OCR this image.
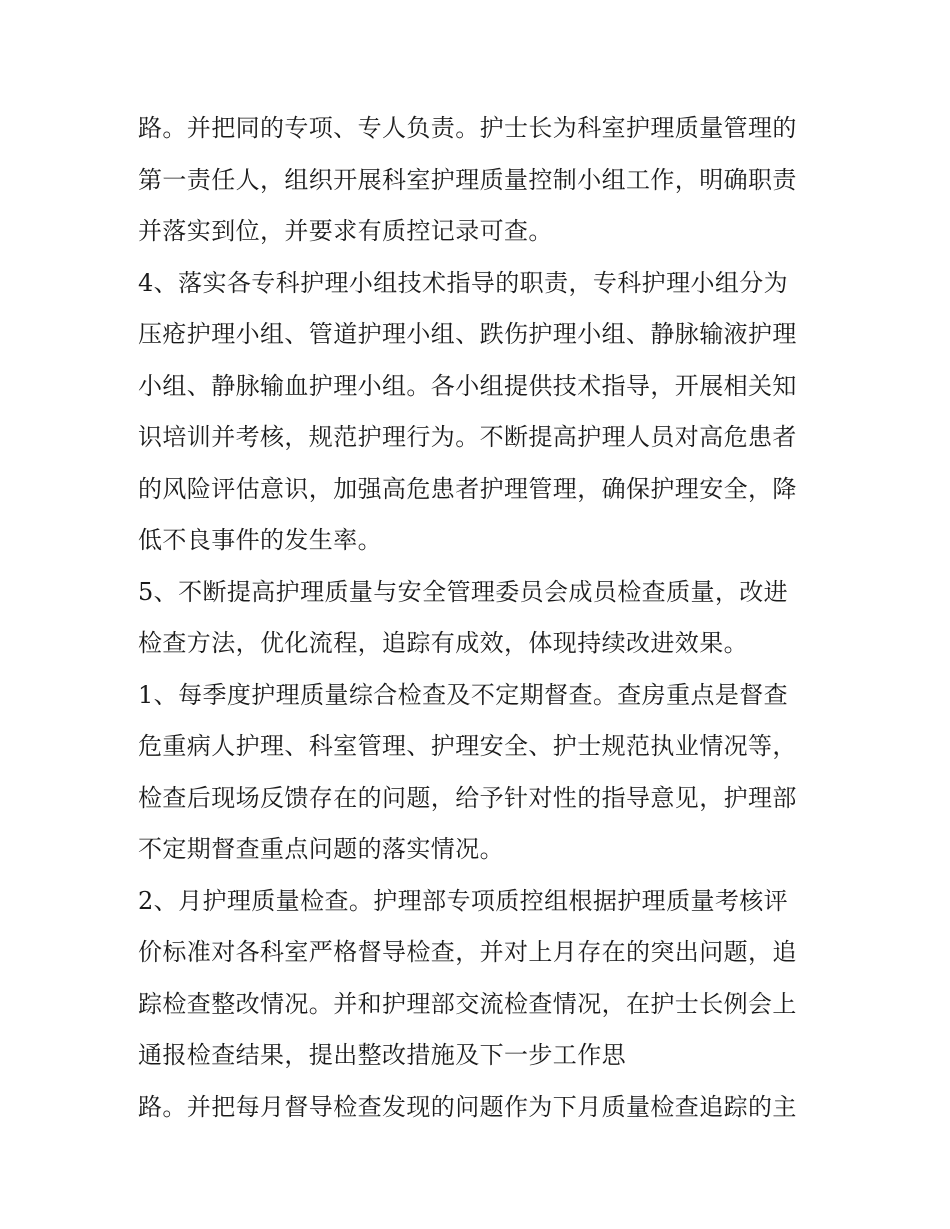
路。并把同的专项、专人负责。护士长为科室护理质量管理的
第一责任人，组织开展科室护理质量控制小组工作，明确职责
并落实到位，并要求有质控记录可查。
4、落实各专科护理小组技术指导的职责，专科护理小组分为
压疮护理小组、管道护理小组、跌伤护理小组、静脉输液护理
小组、静脉输血护理小组。各小组提供技术指导，开展相关知
识培训并考核，规范护理行为。不断提高护理人员对高危患者
的风险评估意识，加强高危患者护理管理，确保护理安全，降
低不良事件的发生率。
5、不断提高护理质量与安全管理委员会成员检查质量，改进
检查方法，优化流程，追踪有成效，体现持续改进效果。
1、每季度护理质量综合检查及不定期督查。查房重点是督查
危重病人护理、科室管理、护理安全、护士规范执业情况等，
检查后现场反馈存在的问题，给予针对性的指导意见，护理部
不定期督查重点问题的落实情况。
2、月护理质量检查。护理部专项质控组根据护理质量考核评
价标准对各科室严格督导检查，并对上月存在的突出问题，追
踪检查整改情况。并和护理部交流检查情况，在护士长例会上
通报检查结果，提出整改措施及下一步工作思
路。并把每月督导检查发现的问题作为下月质量检查追踪的主
